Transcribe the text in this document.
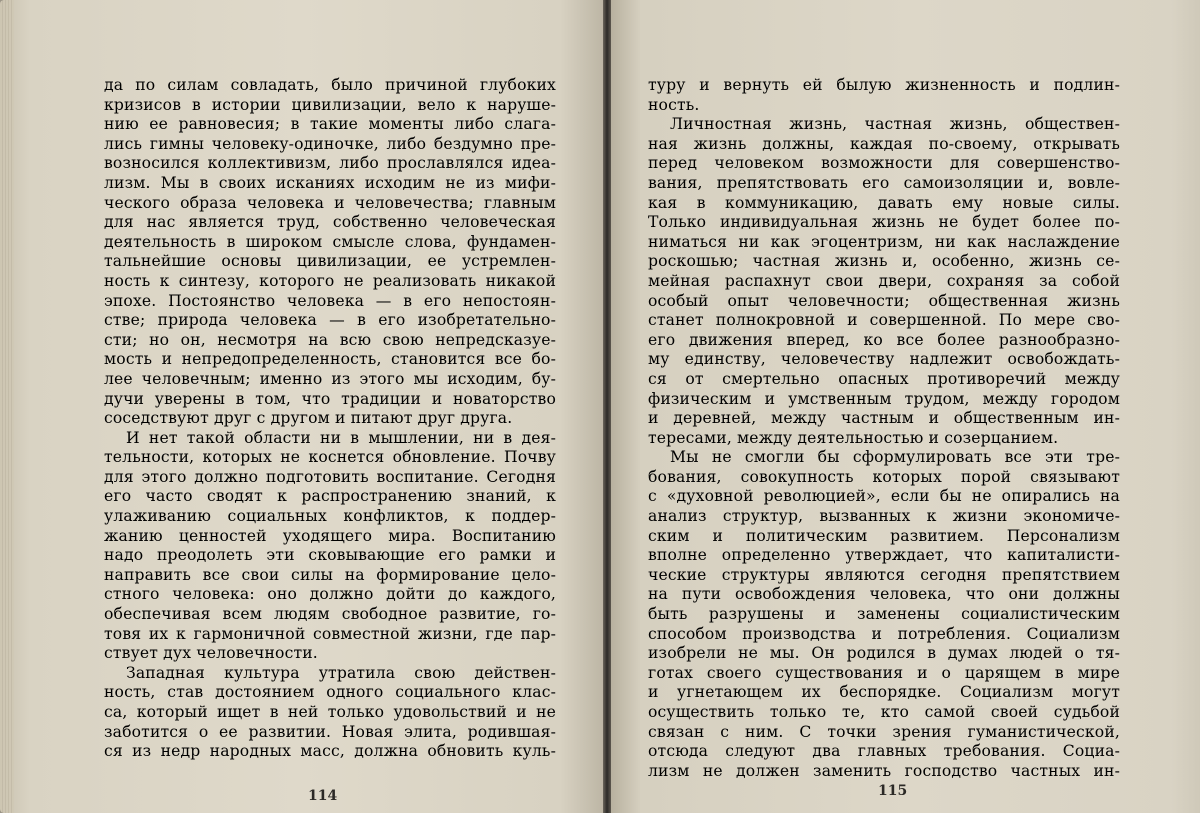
да по силам совладать, было причиной глубоких
кризисов в истории цивилизации, вело к наруше-
нию ее равновесия; в такие моменты либо слага-
лись гимны человеку-одиночке, либо бездумно пре-
возносился коллективизм, либо прославлялся идеа-
лизм. Мы в своих исканиях исходим не из мифи-
ческого образа человека и человечества; главным
для нас является труд, собственно человеческая
деятельность в широком смысле слова, фундамен-
тальнейшие основы цивилизации, ее устремлен-
ность к синтезу, которого не реализовать никакой
эпохе. Постоянство человека — в его непостоян-
стве; природа человека — в его изобретательно-
сти; но он, несмотря на всю свою непредсказуе-
мость и непредопределенность, становится все бо-
лее человечным; именно из этого мы исходим, бу-
дучи уверены в том, что традиции и новаторство
соседствуют друг с другом и питают друг друга.
И нет такой области ни в мышлении, ни в дея-
тельности, которых не коснется обновление. Почву
для этого должно подготовить воспитание. Сегодня
его часто сводят к распространению знаний, к
улаживанию социальных конфликтов, к поддер-
жанию ценностей уходящего мира. Воспитанию
надо преодолеть эти сковывающие его рамки и
направить все свои силы на формирование цело-
стного человека: оно должно дойти до каждого,
обеспечивая всем людям свободное развитие, го-
товя их к гармоничной совместной жизни, где пар-
ствует дух человечности.
Западная культура утратила свою действен-
ность, став достоянием одного социального клас-
са, который ищет в ней только удовольствий и не
заботится о ее развитии. Новая элита, родившая-
ся из недр народных масс, должна обновить куль-
туру и вернуть ей былую жизненность и подлин-
ность.
Личностная жизнь, частная жизнь, обществен-
ная жизнь должны, каждая по-своему, открывать
перед человеком возможности для совершенство-
вания, препятствовать его самоизоляции и, вовле-
кая в коммуникацию, давать ему новые силы.
Только индивидуальная жизнь не будет более по-
ниматься ни как эгоцентризм, ни как наслаждение
роскошью; частная жизнь и, особенно, жизнь се-
мейная распахнут свои двери, сохраняя за собой
особый опыт человечности; общественная жизнь
станет полнокровной и совершенной. По мере сво-
его движения вперед, ко все более разнообразно-
му единству, человечеству надлежит освобождать-
ся от смертельно опасных противоречий между
физическим и умственным трудом, между городом
и деревней, между частным и общественным ин-
тересами, между деятельностью и созерцанием.
Мы не смогли бы сформулировать все эти тре-
бования, совокупность которых порой связывают
с «духовной революцией», если бы не опирались на
анализ структур, вызванных к жизни экономиче-
ским и политическим развитием. Персонализм
вполне определенно утверждает, что капиталисти-
ческие структуры являются сегодня препятствием
на пути освобождения человека, что они должны
быть разрушены и заменены социалистическим
способом производства и потребления. Социализм
изобрели не мы. Он родился в думах людей о тя-
готах своего существования и о царящем в мире
и угнетающем их беспорядке. Социализм могут
осуществить только те, кто самой своей судьбой
связан с ним. С точки зрения гуманистической,
отсюда следуют два главных требования. Социа-
лизм не должен заменить господство частных ин-
114	115
